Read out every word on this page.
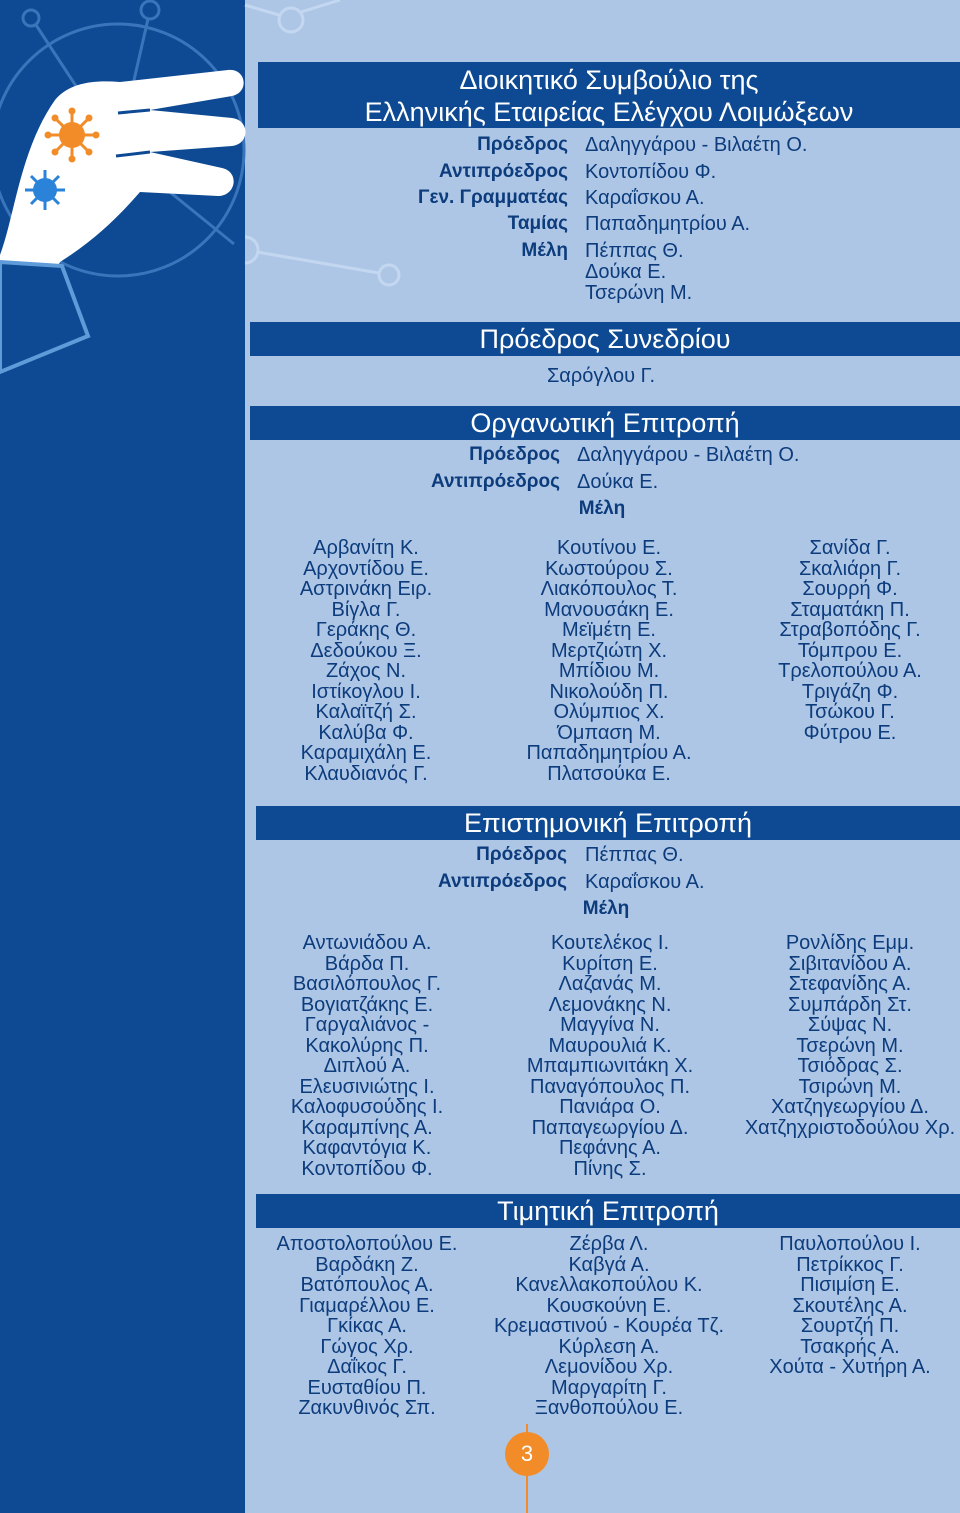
Διοικητικό Συμβούλιο της
Ελληνικής Εταιρείας Ελέγχου Λοιμώξεων
Πρόεδρος Δαληγγάρου - Βιλαέτη Ο.
Αντιπρόεδρος Κοντοπίδου Φ.
Γεν. Γραμματέας Καραΐσκου Α.
Ταμίας Παπαδημητρίου Α.
Μέλη Πέππας Θ.
Δούκα Ε.
Τσερώνη Μ.
Πρόεδρος Συνεδρίου
Σαρόγλου Γ.
Οργανωτική Επιτροπή
Πρόεδρος Δαληγγάρου - Βιλαέτη Ο.
Αντιπρόεδρος Δούκα Ε.
Μέλη
Αρβανίτη Κ.
Αρχοντίδου Ε.
Αστρινάκη Ειρ.
Βίγλα Γ.
Γεράκης Θ.
Δεδούκου Ξ.
Ζάχος Ν.
Ιστίκογλου Ι.
Καλαϊτζή Σ.
Καλύβα Φ.
Καραμιχάλη Ε.
Κλαυδιανός Γ.
Κουτίνου Ε.
Κωστούρου Σ.
Λιακόπουλος Τ.
Μανουσάκη Ε.
Μεϊμέτη Ε.
Μερτζιώτη Χ.
Μπίδιου Μ.
Νικολούδη Π.
Ολύμπιος Χ.
Όμπαση Μ.
Παπαδημητρίου Α.
Πλατσούκα Ε.
Σανίδα Γ.
Σκαλιάρη Γ.
Σουρρή Φ.
Σταματάκη Π.
Στραβοπόδης Γ.
Τόμπρου Ε.
Τρελοπούλου Α.
Τριγάζη Φ.
Τσώκου Γ.
Φύτρου Ε.
Επιστημονική Επιτροπή
Πρόεδρος Πέππας Θ.
Αντιπρόεδρος Καραΐσκου Α.
Μέλη
Αντωνιάδου Α.
Βάρδα Π.
Βασιλόπουλος Γ.
Βογιατζάκης Ε.
Γαργαλιάνος -
Κακολύρης Π.
Διπλού Α.
Ελευσινιώτης Ι.
Καλοφυσούδης Ι.
Καραμπίνης Α.
Καφαντόγια Κ.
Κοντοπίδου Φ.
Κουτελέκος Ι.
Κυρίτση Ε.
Λαζανάς Μ.
Λεμονάκης Ν.
Μαγγίνα Ν.
Μαυρουλιά Κ.
Μπαμπιωνιτάκη Χ.
Παναγόπουλος Π.
Πανιάρα Ο.
Παπαγεωργίου Δ.
Πεφάνης Α.
Πίνης Σ.
Ρονλίδης Εμμ.
Σιβιτανίδου Α.
Στεφανίδης Α.
Συμπάρδη Στ.
Σύψας Ν.
Τσερώνη Μ.
Τσιόδρας Σ.
Τσιρώνη Μ.
Χατζηγεωργίου Δ.
Χατζηχριστοδούλου Χρ.
Τιμητική Επιτροπή
Αποστολοπούλου Ε.
Βαρδάκη Ζ.
Βατόπουλος Α.
Γιαμαρέλλου Ε.
Γκίκας Α.
Γώγος Χρ.
Δαΐκος Γ.
Ευσταθίου Π.
Ζακυνθινός Σπ.
Ζέρβα Λ.
Καβγά Α.
Κανελλακοπούλου Κ.
Κουσκούνη Ε.
Κρεμαστινού - Κουρέα Τζ.
Κύρλεση Α.
Λεμονίδου Χρ.
Μαργαρίτη Γ.
Ξανθοπούλου Ε.
Παυλοπούλου Ι.
Πετρίκκος Γ.
Πισιμίση Ε.
Σκουτέλης Α.
Σουρτζή Π.
Τσακρής Α.
Χούτα - Χυτήρη Α.
3
